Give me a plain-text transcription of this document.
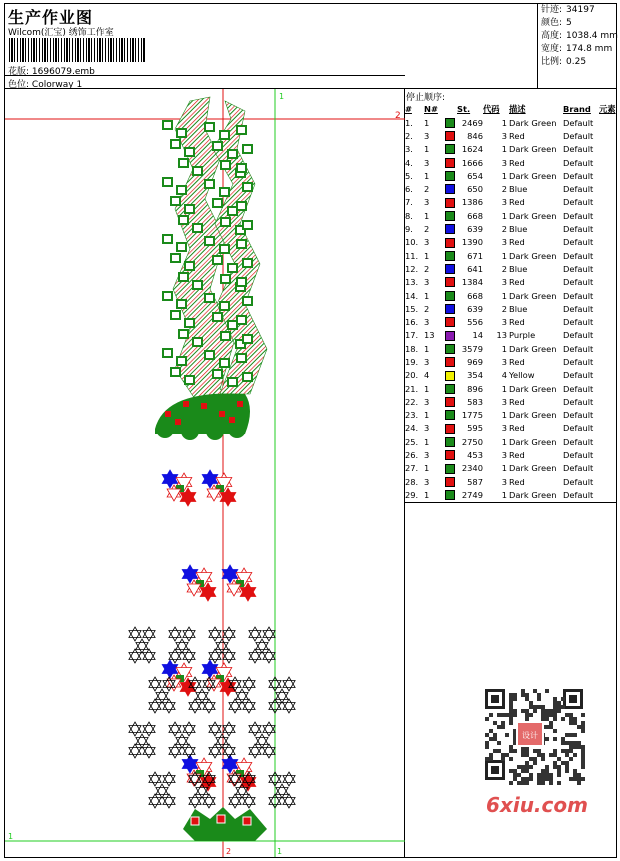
生产作业图
Wilcom(汇宝) 绣饰工作室
花版: 1696079.emb
色位: Colorway 1
针迹: 34197
颜色: 5
高度: 1038.4 mm
宽度: 174.8 mm
比例: 0.25
2
1
1
2	1
停止顺序:
#	N#		St.	代码	描述	Brand	元素
1.	1		2469	1	Dark Green	Default	
2.	3		846	3	Red	Default	
3.	1		1624	1	Dark Green	Default	
4.	3		1666	3	Red	Default	
5.	1		654	1	Dark Green	Default	
6.	2		650	2	Blue	Default	
7.	3		1386	3	Red	Default	
8.	1		668	1	Dark Green	Default	
9.	2		639	2	Blue	Default	
10.	3		1390	3	Red	Default	
11.	1		671	1	Dark Green	Default	
12.	2		641	2	Blue	Default	
13.	3		1384	3	Red	Default	
14.	1		668	1	Dark Green	Default	
15.	2		639	2	Blue	Default	
16.	3		556	3	Red	Default	
17.	13		14	13	Purple	Default	
18.	1		3579	1	Dark Green	Default	
19.	3		969	3	Red	Default	
20.	4		354	4	Yellow	Default	
21.	1		896	1	Dark Green	Default	
22.	3		583	3	Red	Default	
23.	1		1775	1	Dark Green	Default	
24.	3		595	3	Red	Default	
25.	1		2750	1	Dark Green	Default	
26.	3		453	3	Red	Default	
27.	1		2340	1	Dark Green	Default	
28.	3		587	3	Red	Default	
29.	1		2749	1	Dark Green	Default	
设计
6xiu.com
